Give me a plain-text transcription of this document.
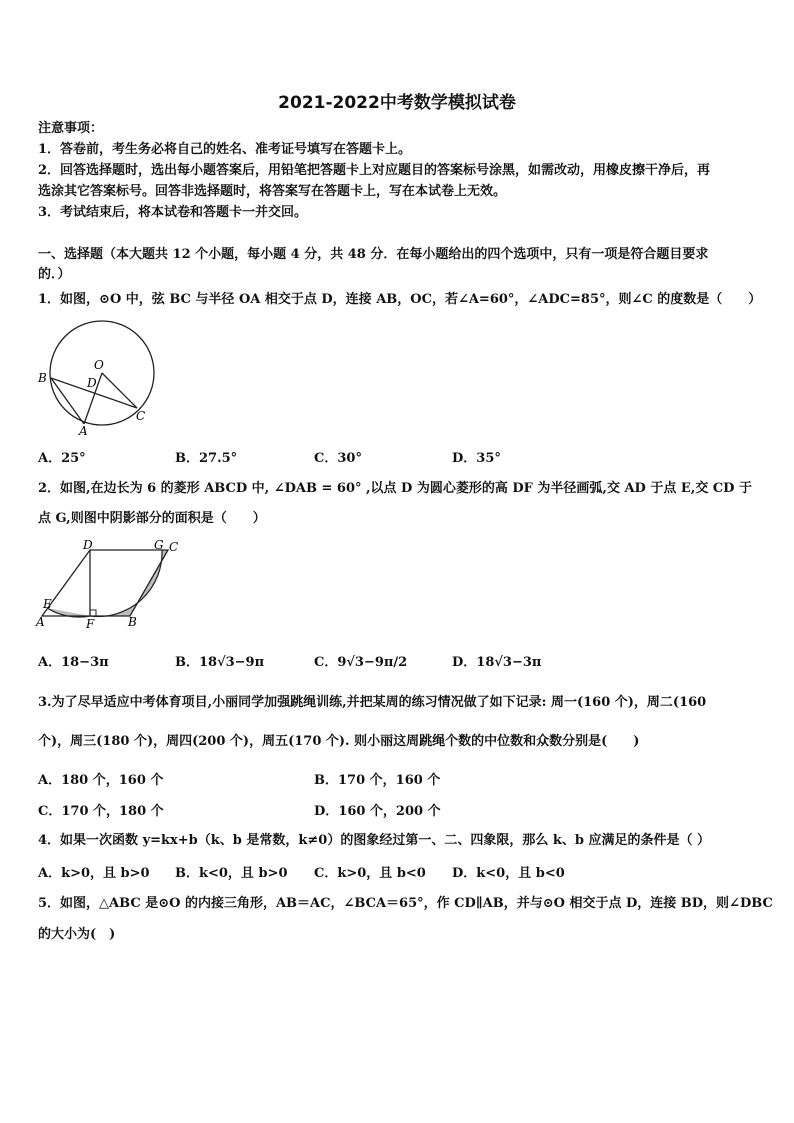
2021-2022中考数学模拟试卷
注意事项：
1．答卷前，考生务必将自己的姓名、准考证号填写在答题卡上。
2．回答选择题时，选出每小题答案后，用铅笔把答题卡上对应题目的答案标号涂黑，如需改动，用橡皮擦干净后，再
选涂其它答案标号。回答非选择题时，将答案写在答题卡上，写在本试卷上无效。
3．考试结束后，将本试卷和答题卡一并交回。
一、选择题（本大题共 12 个小题，每小题 4 分，共 48 分．在每小题给出的四个选项中，只有一项是符合题目要求
的．）
1．如图，⊙O 中，弦 BC 与半径 OA 相交于点 D，连接 AB，OC，若∠A=60°，∠ADC=85°，则∠C 的度数是（　　）
O
B	D
C
A
A．25°	B．27.5°	C．30°	D．35°
2．如图,在边长为 6 的菱形 ABCD 中, ∠DAB = 60° ,以点 D 为圆心菱形的高 DF 为半径画弧,交 AD 于点 E,交 CD 于
点 G,则图中阴影部分的面积是（　　）
D	G C
E
A	F	B
A．18−3π	B．18√3−9π	C．9√3−9π/2	D．18√3−3π
3.为了尽早适应中考体育项目,小丽同学加强跳绳训练,并把某周的练习情况做了如下记录: 周一(160 个)，周二(160
个)，周三(180 个)，周四(200 个)，周五(170 个). 则小丽这周跳绳个数的中位数和众数分别是(　　)
A．180 个，160 个	B．170 个，160 个
C．170 个，180 个	D．160 个，200 个
4．如果一次函数 y=kx+b（k、b 是常数，k≠0）的图象经过第一、二、四象限，那么 k、b 应满足的条件是（ ）
A．k>0，且 b>0 B．k<0，且 b>0 C．k>0，且 b<0 D．k<0，且 b<0
5．如图，△ABC 是⊙O 的内接三角形，AB＝AC，∠BCA＝65°，作 CD∥AB，并与⊙O 相交于点 D，连接 BD，则∠DBC
的大小为(　)
